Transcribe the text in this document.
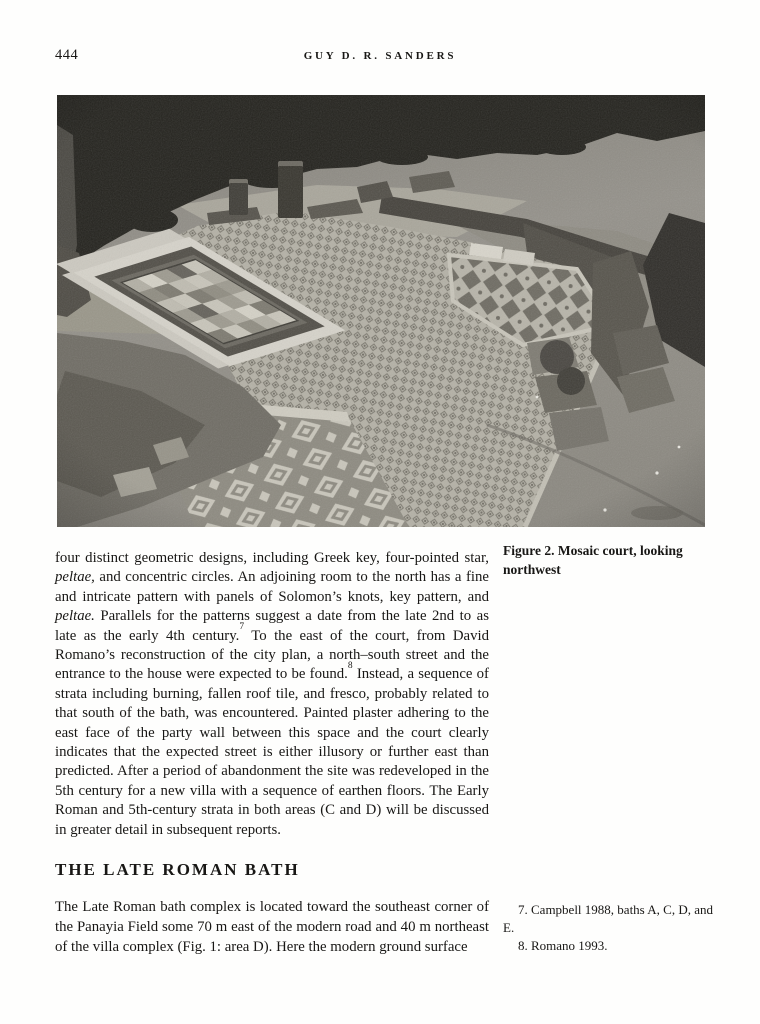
444	GUY D. R. SANDERS
Figure 2. Mosaic court, looking northwest

four distinct geometric designs, including Greek key, four-pointed star, peltae, and concentric circles. An adjoining room to the north has a fine and intricate pattern with panels of Solomon’s knots, key pattern, and peltae. Parallels for the patterns suggest a date from the late 2nd to as late as the early 4th century.$^7$ To the east of the court, from David Romano’s reconstruction of the city plan, a north–south street and the entrance to the house were expected to be found.$^8$ Instead, a sequence of strata including burning, fallen roof tile, and fresco, probably related to that south of the bath, was encountered. Painted plaster adhering to the east face of the party wall between this space and the court clearly indicates that the expected street is either illusory or further east than predicted. After a period of abandonment the site was redeveloped in the 5th century for a new villa with a sequence of earthen floors. The Early Roman and 5th-century strata in both areas (C and D) will be discussed in greater detail in subsequent reports.

THE LATE ROMAN BATH

The Late Roman bath complex is located toward the southeast corner of the Panayia Field some 70 m east of the modern road and 40 m northeast of the villa complex (Fig. 1: area D). Here the modern ground surface

7. Campbell 1988, baths A, C, D, and E.

8. Romano 1993.
